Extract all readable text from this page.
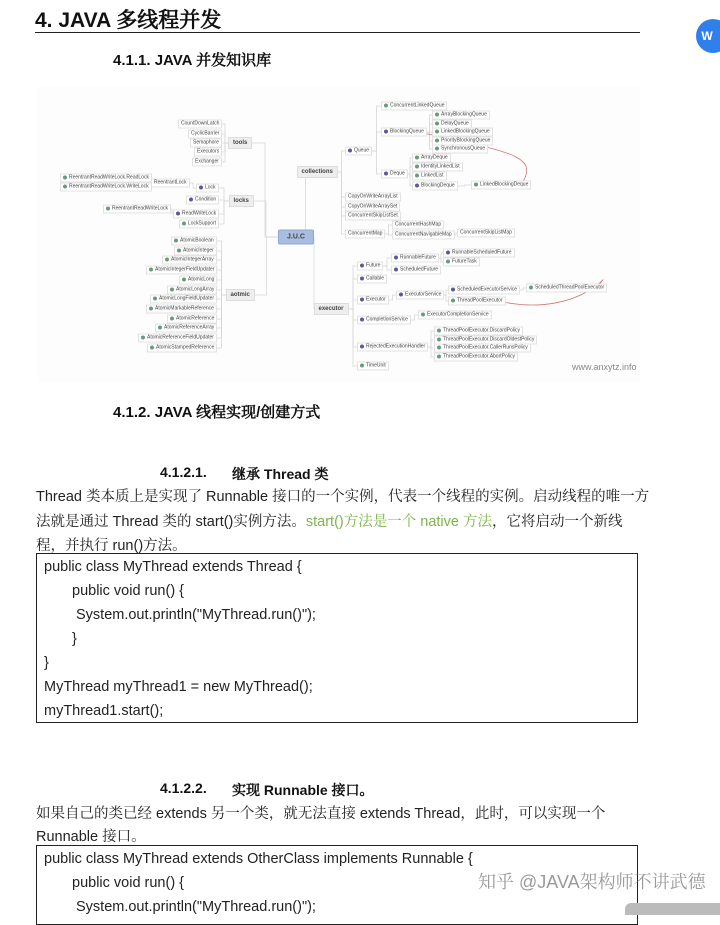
4. JAVA 多线程并发
W
4.1.1. JAVA 并发知识库
www.anxytz.info
J.U.C
tools
locks
aotmic
collections
executor
CountDownLatch
CyclicBarrier
Semaphore
Executors
Exchanger
Lock
Condition
ReadWriteLock
LockSupport
ReentrantLock
ReentrantReadWriteLock.ReadLock
ReentrantReadWriteLock.WriteLock
ReentrantReadWriteLock
AtomicBoolean
AtomicInteger
AtomicIntegerArray
AtomicIntegerFieldUpdater
AtomicLong
AtomicLongArray
AtomicLongFieldUpdater
AtomicMarkableReference
AtomicReference
AtomicReferenceArray
AtomicReferenceFieldUpdater
AtomicStampedReference
Queue
ConcurrentLinkedQueue
BlockingQueue
ArrayBlockingQueue
DelayQueue
LinkedBlockingQueue
PriorityBlockingQueue
SynchronousQueue
Deque
ArrayDeque
IdentityLinkedList
LinkedList
BlockingDeque	LinkedBlockingDeque
CopyOnWriteArrayList
CopyOnWriteArraySet
ConcurrentSkipListSet
ConcurrentMap
ConcurrentHashMap
ConcurrentNavigableMap	ConcurrentSkipListMap
Future
RunnableFuture
ScheduledFuture
RunnableScheduledFuture
FutureTask
Callable
Executor
ExecutorService
ScheduledExecutorService
ThreadPoolExecutor
ScheduledThreadPoolExecutor
CompletionService
ExecutorCompletionService
RejectedExecutionHandler
ThreadPoolExecutor.DiscardPolicy
ThreadPoolExecutor.DiscardOldestPolicy
ThreadPoolExecutor.CallerRunsPolicy
ThreadPoolExecutor.AbortPolicy
TimeUnit
4.1.2. JAVA 线程实现/创建方式
4.1.2.1. 继承 Thread 类
Thread 类本质上是实现了 Runnable 接口的一个实例，代表一个线程的实例。启动线程的唯一方
法就是通过 Thread 类的 start()实例方法。start()方法是一个 native 方法，它将启动一个新线
程，并执行 run()方法。
public class MyThread extends Thread {
public void run() {
System.out.println("MyThread.run()");
}
}
MyThread myThread1 = new MyThread();
myThread1.start();
4.1.2.2. 实现 Runnable 接口。
如果自己的类已经 extends 另一个类，就无法直接 extends Thread，此时，可以实现一个
Runnable 接口。
public class MyThread extends OtherClass implements Runnable {
public void run() {
System.out.println("MyThread.run()");
知乎 @JAVA架构师不讲武德
